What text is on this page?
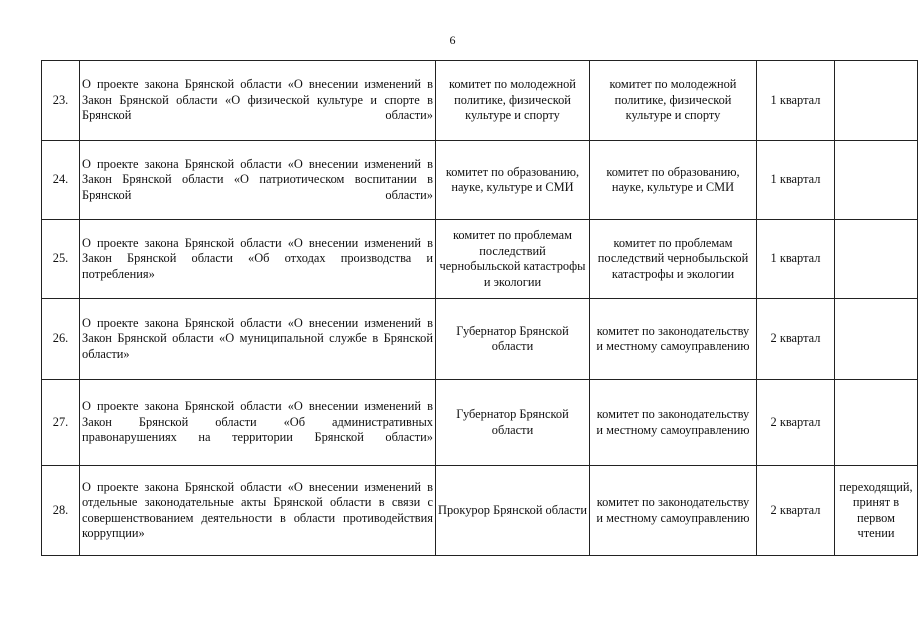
6
23.	О проекте закона Брянской области «О внесении изменений в Закон Брянской области «О физической культуре и спорте в Брянской области»	комитет по молодежной политике, физической культуре и спорту	комитет по молодежной политике, физической культуре и спорту	1 квартал	
24.	О проекте закона Брянской области «О внесении изменений в Закон Брянской области «О патриотическом воспитании в Брянской области»	комитет по образованию, науке, культуре и СМИ	комитет по образованию, науке, культуре и СМИ	1 квартал	
25.	О проекте закона Брянской области «О внесении изменений в Закон Брянской области «Об отходах производства и потребления»	комитет по проблемам последствий чернобыльской катастрофы и экологии	комитет по проблемам последствий чернобыльской катастрофы и экологии	1 квартал	
26.	О проекте закона Брянской области «О внесении изменений в Закон Брянской области «О муниципальной службе в Брянской области»	Губернатор Брянской области	комитет по законодательству и местному самоуправлению	2 квартал	
27.	О проекте закона Брянской области «О внесении изменений в Закон Брянской области «Об административных правонарушениях на территории Брянской области»	Губернатор Брянской области	комитет по законодательству и местному самоуправлению	2 квартал	
28.	О проекте закона Брянской области «О внесении изменений в отдельные законодательные акты Брянской области в связи с совершенствованием деятельности в области противодействия коррупции»	Прокурор Брянской области	комитет по законодательству и местному самоуправлению	2 квартал	переходящий, принят в первом чтении
